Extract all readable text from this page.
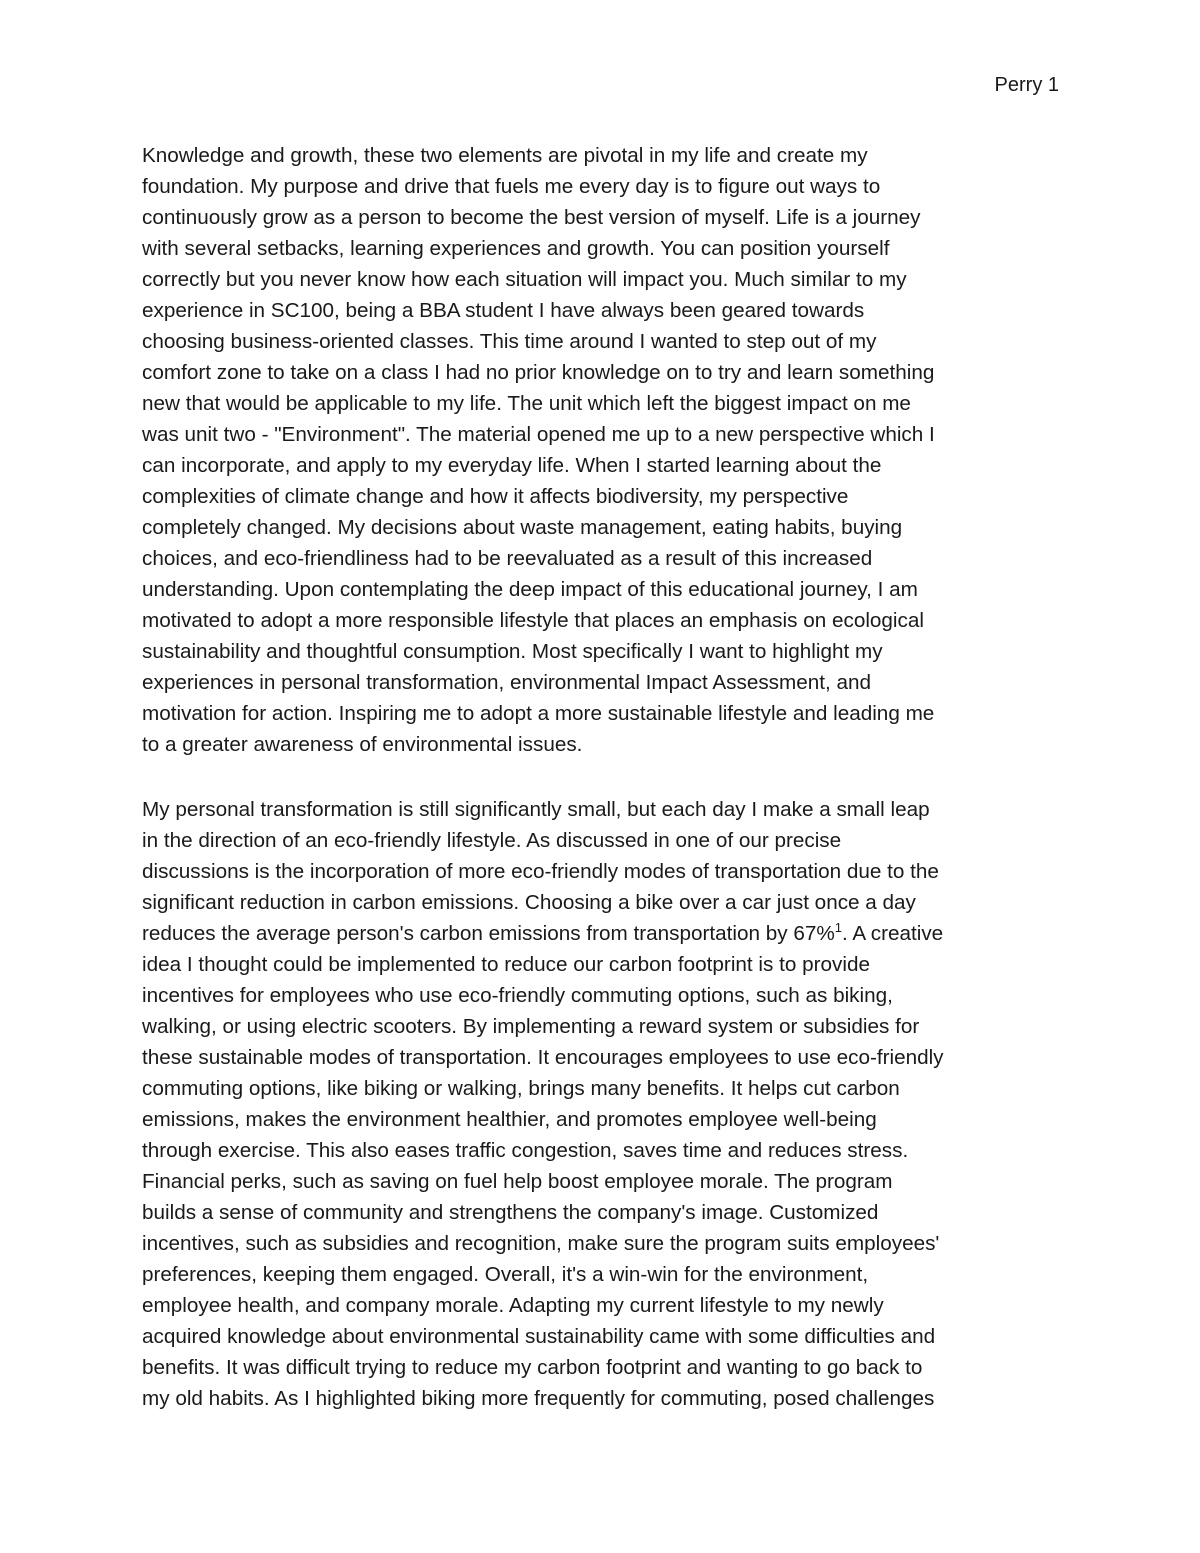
Perry 1
Knowledge and growth, these two elements are pivotal in my life and create my
foundation. My purpose and drive that fuels me every day is to figure out ways to
continuously grow as a person to become the best version of myself. Life is a journey
with several setbacks, learning experiences and growth. You can position yourself
correctly but you never know how each situation will impact you. Much similar to my
experience in SC100, being a BBA student I have always been geared towards
choosing business-oriented classes. This time around I wanted to step out of my
comfort zone to take on a class I had no prior knowledge on to try and learn something
new that would be applicable to my life. The unit which left the biggest impact on me
was unit two - "Environment". The material opened me up to a new perspective which I
can incorporate, and apply to my everyday life. When I started learning about the
complexities of climate change and how it affects biodiversity, my perspective
completely changed. My decisions about waste management, eating habits, buying
choices, and eco-friendliness had to be reevaluated as a result of this increased
understanding. Upon contemplating the deep impact of this educational journey, I am
motivated to adopt a more responsible lifestyle that places an emphasis on ecological
sustainability and thoughtful consumption. Most specifically I want to highlight my
experiences in personal transformation, environmental Impact Assessment, and
motivation for action. Inspiring me to adopt a more sustainable lifestyle and leading me
to a greater awareness of environmental issues.
My personal transformation is still significantly small, but each day I make a small leap
in the direction of an eco-friendly lifestyle. As discussed in one of our precise
discussions is the incorporation of more eco-friendly modes of transportation due to the
significant reduction in carbon emissions. Choosing a bike over a car just once a day
reduces the average person's carbon emissions from transportation by 67%$^1$. A creative
idea I thought could be implemented to reduce our carbon footprint is to provide
incentives for employees who use eco-friendly commuting options, such as biking,
walking, or using electric scooters. By implementing a reward system or subsidies for
these sustainable modes of transportation. It encourages employees to use eco-friendly
commuting options, like biking or walking, brings many benefits. It helps cut carbon
emissions, makes the environment healthier, and promotes employee well-being
through exercise. This also eases traffic congestion, saves time and reduces stress.
Financial perks, such as saving on fuel help boost employee morale. The program
builds a sense of community and strengthens the company's image. Customized
incentives, such as subsidies and recognition, make sure the program suits employees'
preferences, keeping them engaged. Overall, it's a win-win for the environment,
employee health, and company morale. Adapting my current lifestyle to my newly
acquired knowledge about environmental sustainability came with some difficulties and
benefits. It was difficult trying to reduce my carbon footprint and wanting to go back to
my old habits. As I highlighted biking more frequently for commuting, posed challenges
